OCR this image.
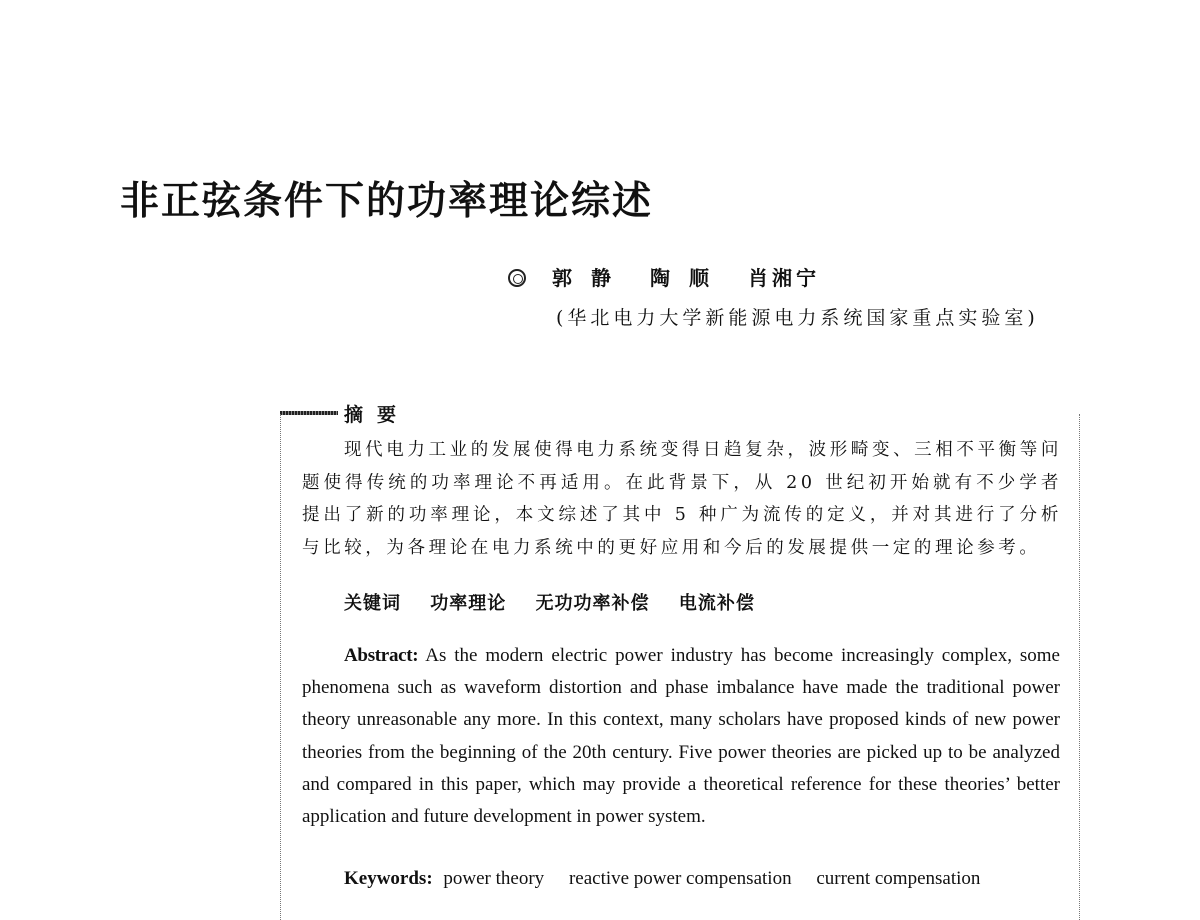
非正弦条件下的功率理论综述
郭静 陶顺 肖湘宁
(华北电力大学新能源电力系统国家重点实验室)
摘要

现代电力工业的发展使得电力系统变得日趋复杂，波形畸变、三相不平衡等问题使得传统的功率理论不再适用。在此背景下，从 20 世纪初开始就有不少学者提出了新的功率理论，本文综述了其中 5 种广为流传的定义，并对其进行了分析与比较，为各理论在电力系统中的更好应用和今后的发展提供一定的理论参考。

关键词 功率理论 无功功率补偿 电流补偿

Abstract: As the modern electric power industry has become increasingly complex, some phenomena such as waveform distortion and phase imbalance have made the traditional power theory unreasonable any more. In this context, many scholars have proposed kinds of new power theories from the beginning of the 20th century. Five power theories are picked up to be analyzed and compared in this paper, which may provide a theoretical reference for these theories’ better application and future development in power system.

Keywords: power theory reactive power compensation current compensation
